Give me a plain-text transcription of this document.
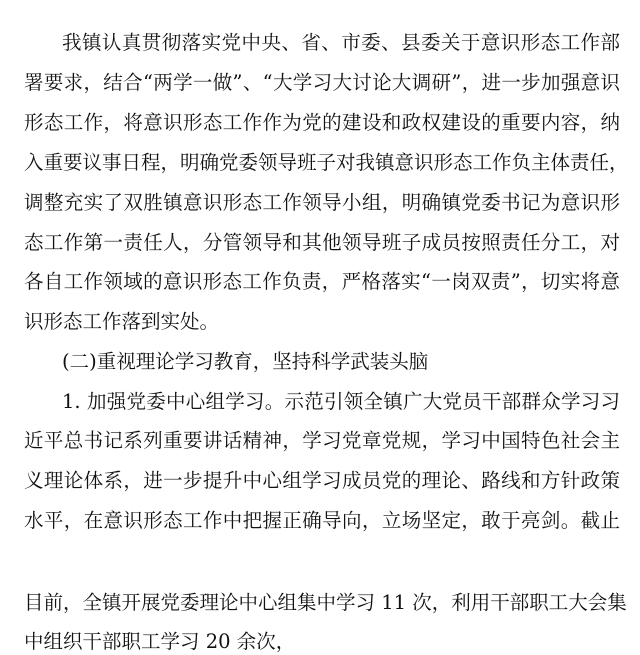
我镇认真贯彻落实党中央、省、市委、县委关于意识形态工作部
署要求，结合“两学一做”、“大学习大讨论大调研”，进一步加强意识
形态工作，将意识形态工作作为党的建设和政权建设的重要内容，纳
入重要议事日程，明确党委领导班子对我镇意识形态工作负主体责任，
调整充实了双胜镇意识形态工作领导小组，明确镇党委书记为意识形
态工作第一责任人，分管领导和其他领导班子成员按照责任分工，对
各自工作领域的意识形态工作负责，严格落实“一岗双责”，切实将意
识形态工作落到实处。
(二)重视理论学习教育，坚持科学武装头脑
1. 加强党委中心组学习。示范引领全镇广大党员干部群众学习习
近平总书记系列重要讲话精神，学习党章党规，学习中国特色社会主
义理论体系，进一步提升中心组学习成员党的理论、路线和方针政策
水平，在意识形态工作中把握正确导向，立场坚定，敢于亮剑。截止
目前，全镇开展党委理论中心组集中学习 11 次，利用干部职工大会集
中组织干部职工学习 20 余次，
